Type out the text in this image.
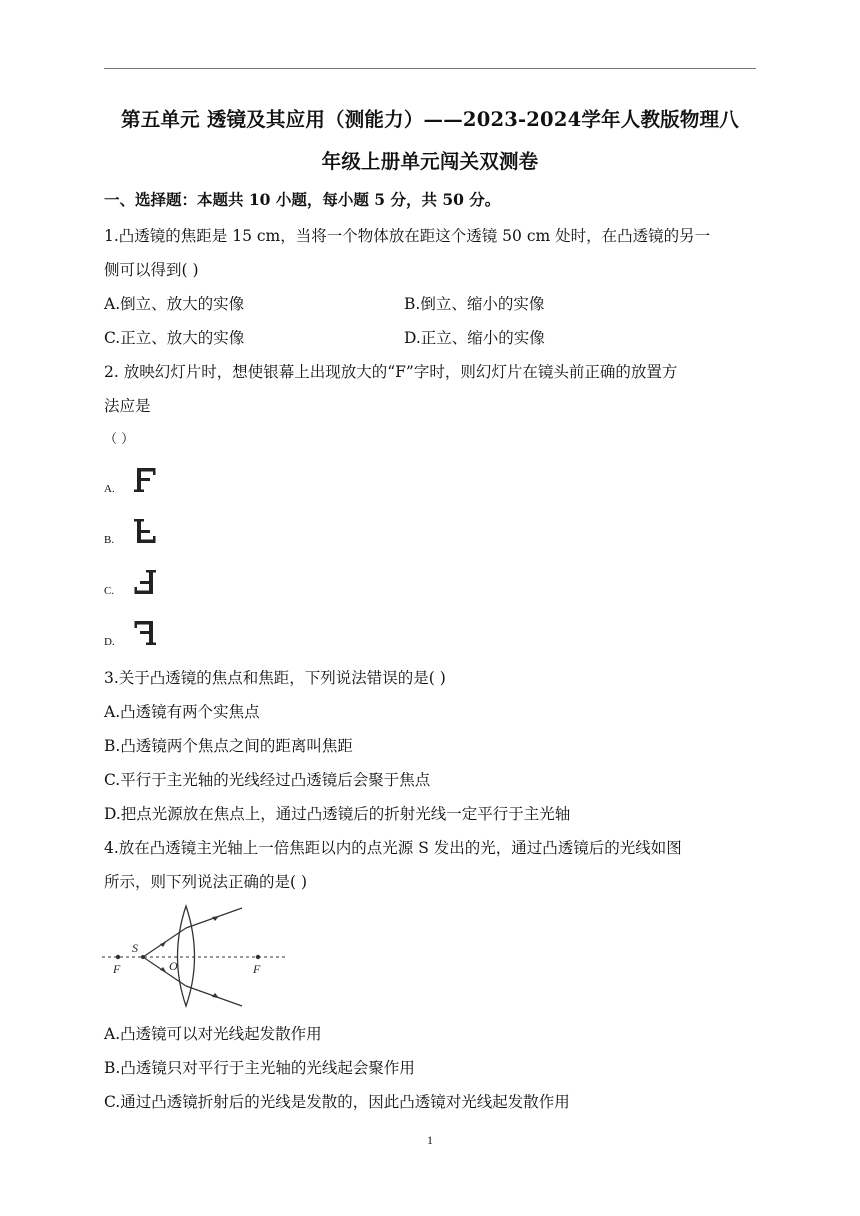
第五单元 透镜及其应用（测能力）——2023-2024学年人教版物理八
年级上册单元闯关双测卷
一、选择题：本题共 10 小题，每小题 5 分，共 50 分。
1.凸透镜的焦距是 15 cm，当将一个物体放在距这个透镜 50 cm 处时，在凸透镜的另一
侧可以得到( )
A.倒立、放大的实像	B.倒立、缩小的实像
C.正立、放大的实像	D.正立、缩小的实像
2. 放映幻灯片时，想使银幕上出现放大的“F”字时，则幻灯片在镜头前正确的放置方
法应是
（ ）
A.
B.
C.
D.
3.关于凸透镜的焦点和焦距，下列说法错误的是( )
A.凸透镜有两个实焦点
B.凸透镜两个焦点之间的距离叫焦距
C.平行于主光轴的光线经过凸透镜后会聚于焦点
D.把点光源放在焦点上，通过凸透镜后的折射光线一定平行于主光轴
4.放在凸透镜主光轴上一倍焦距以内的点光源 S 发出的光，通过凸透镜后的光线如图
所示，则下列说法正确的是( )
S
O
F	F
A.凸透镜可以对光线起发散作用
B.凸透镜只对平行于主光轴的光线起会聚作用
C.通过凸透镜折射后的光线是发散的，因此凸透镜对光线起发散作用
1
